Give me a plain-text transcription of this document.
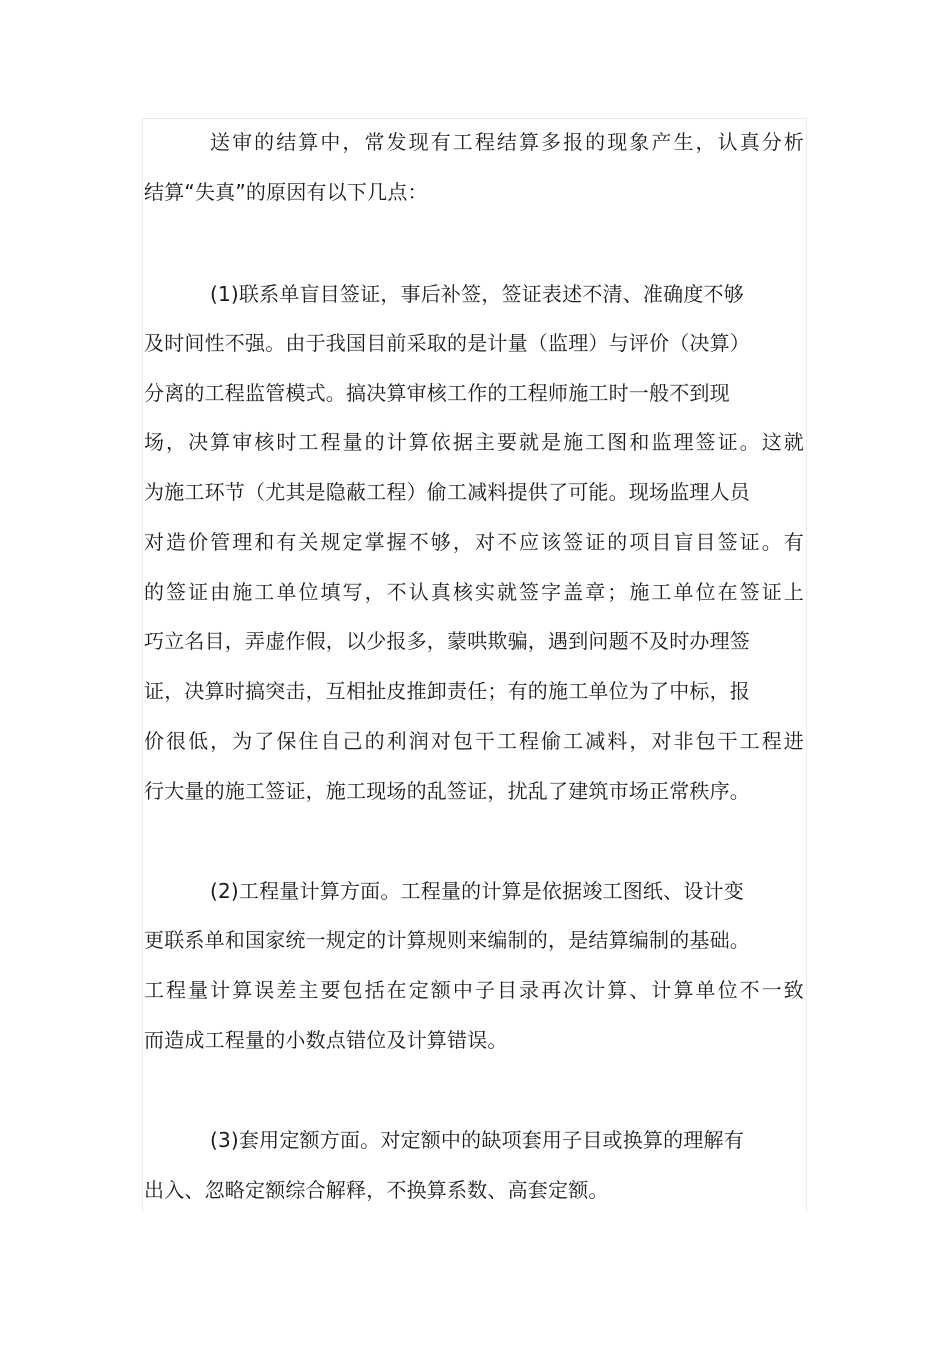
送审的结算中，常发现有工程结算多报的现象产生，认真分析
结算“失真”的原因有以下几点：
(1)联系单盲目签证，事后补签，签证表述不清、准确度不够
及时间性不强。由于我国目前采取的是计量（监理）与评价（决算）
分离的工程监管模式。搞决算审核工作的工程师施工时一般不到现
场，决算审核时工程量的计算依据主要就是施工图和监理签证。这就
为施工环节（尤其是隐蔽工程）偷工减料提供了可能。现场监理人员
对造价管理和有关规定掌握不够，对不应该签证的项目盲目签证。有
的签证由施工单位填写，不认真核实就签字盖章；施工单位在签证上
巧立名目，弄虚作假，以少报多，蒙哄欺骗，遇到问题不及时办理签
证，决算时搞突击，互相扯皮推卸责任；有的施工单位为了中标，报
价很低，为了保住自己的利润对包干工程偷工减料，对非包干工程进
行大量的施工签证，施工现场的乱签证，扰乱了建筑市场正常秩序。
(2)工程量计算方面。工程量的计算是依据竣工图纸、设计变
更联系单和国家统一规定的计算规则来编制的，是结算编制的基础。
工程量计算误差主要包括在定额中子目录再次计算、计算单位不一致
而造成工程量的小数点错位及计算错误。
(3)套用定额方面。对定额中的缺项套用子目或换算的理解有
出入、忽略定额综合解释，不换算系数、高套定额。
